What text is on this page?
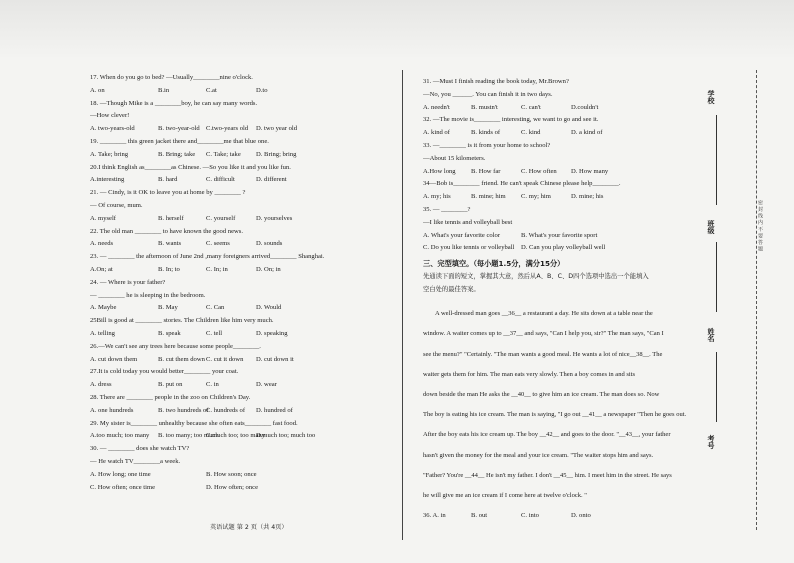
17. When do you go to bed? —Usually________nine o'clock.
A. on	B.in	C.at	D.to
18. —Though Mike is a ________boy, he can say many words.
—How clever!
A. two-years-old	B. two-year-old C.two-years old	D. two year old
19. ________ this green jacket there and________me that blue one.
A. Take; bring	B. Bring; take	C. Take; take	D. Bring; bring
20.I think English as________as Chinese. —So you like it and you like fun.
A.interesting	B. hard	C. difficult	D. different
21. — Cindy, is it OK to leave you at home by ________ ?
— Of course, mum.
A. myself	B. herself	C. yourself	D. yourselves
22. The old man ________ to have known the good news.
A. needs	B. wants	C. seems	D. sounds
23. — ________ the afternoon of June 2nd ,many foreigners arrived________ Shanghai.
A.On; at	B. In; to	C. In; in	D. On; in
24. — Where is your father?
— ________ he is sleeping in the bedroom.
A. Maybe	B. May	C. Can	D. Would
25Bill is good at ________ stories. The Children like him very much.
A. telling	B. speak	C. tell	D. speaking
26.—We can't see any trees here because some people________.
A. cut down them	B. cut them down C. cut it down	D. cut down it
27.It is cold today you would better________ your coat.
A. dress	B. put on	C. in	D. wear
28. There are ________ people in the zoo on Children's Day.
A. one hundreds	B. two hundreds of
C. hundreds of	D. hundred of
29. My sister is________ unhealthy because she often eats________ fast food.
A.too much; too many	B. too many; too much
C.much too; too many
D.much too; much too
30. — ________ does she watch TV?
— He watch TV________a week.
A. How long; one time	B. How soon; once
C. How often; once time	D. How often; once
31. —Must I finish reading the book today, Mr.Brown?
—No, you ______. You can finish it in two days.
A. needn't	B. mustn't	C. can't	D.couldn't
32. —The movie is________ interesting, we want to go and see it.
A. kind of	B. kinds of	C. kind	D. a kind of
33. —________ is it from your home to school?
—About 15 kilometers.
A.How long	B. How far	C. How often	D. How many
34—Bob is________ friend. He can't speak Chinese please help________.
A. my; his	B. mine; him	C. my; him	D. mine; his
35. — ________?
—I like tennis and volleyball best
A. What's your favorite color	B. What's your favorite sport
C. Do you like tennis or volleyball	D. Can you play volleyball well
三、完型填空。（每小题1.5分，满分15分）
先通读下面的短文，掌握其大意，然后从A、B、C、D四个选项中选出一个能填入
空白处的最佳答案。

A well-dressed man goes __36__ a restaurant a day. He sits down at a table near the

window. A waiter comes up to __37__ and says, "Can I help you, sir?" The man says, "Can I

see the menu?" "Certainly. "The man wants a good meal. He wants a lot of nice__38__. The

waiter gets them for him. The man eats very slowly. Then a boy comes in and sits

down beside the man He asks the __40__ to give him an ice cream. The man does so. Now

The boy is eating his ice cream. The man is saying, "I go out __41__ a newspaper "Then he goes out.

After the boy eats his ice cream up. The boy __42__ and goes to the door. "__43__, your father

hasn't given the money for the meal and your ice cream. "The waiter stops him and says.

"Father? You're __44__ He isn't my father. I don't __45__ him. I meet him in the street. He says

he will give me an ice cream if I come here at twelve o'clock. "

36. A. in	B. out	C. into	D. onto
英语试题 第 2 页（共 4页）
学校
班级
姓名
考号
密 封 线 内 不 要 答 题
